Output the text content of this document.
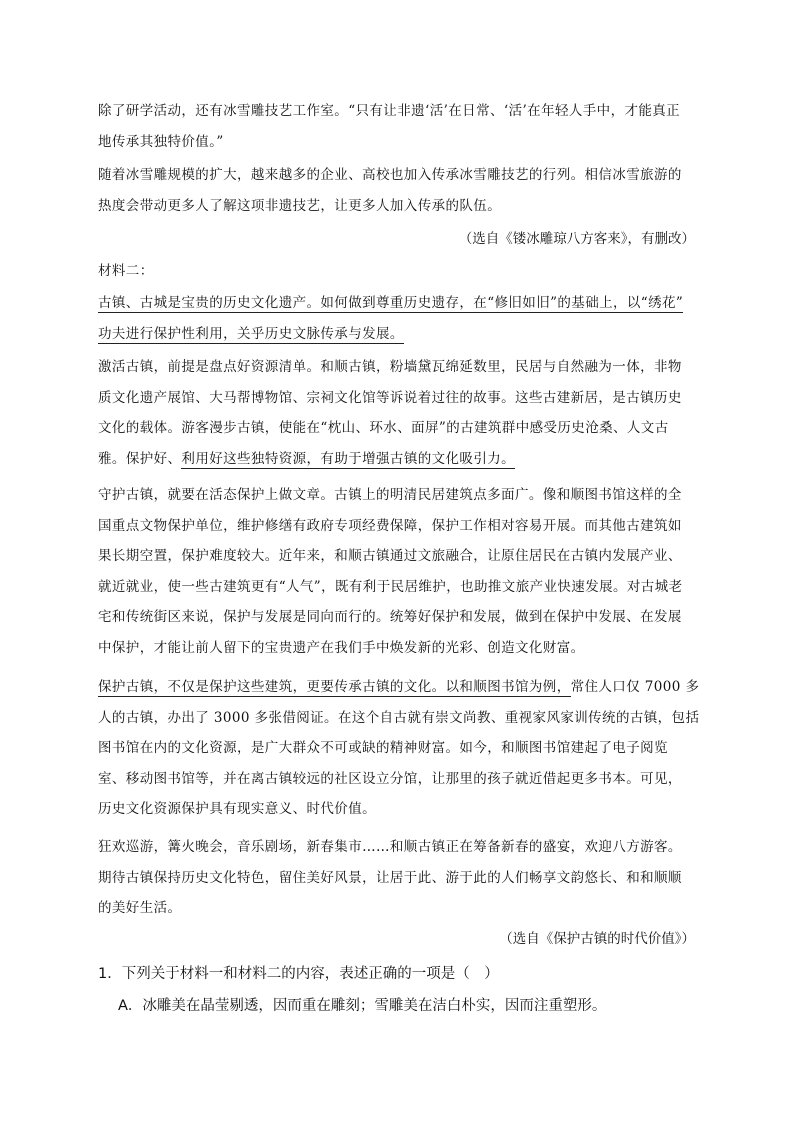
除了研学活动，还有冰雪雕技艺工作室。“只有让非遗‘活’在日常、‘活’在年轻人手中，才能真正
地传承其独特价值。”
随着冰雪雕规模的扩大，越来越多的企业、高校也加入传承冰雪雕技艺的行列。相信冰雪旅游的
热度会带动更多人了解这项非遗技艺，让更多人加入传承的队伍。

（选自《镂冰雕琼八方客来》，有删改）

材料二：
古镇、古城是宝贵的历史文化遗产。如何做到尊重历史遗存，在“修旧如旧”的基础上，以“绣花”
功夫进行保护性利用，关乎历史文脉传承与发展。
激活古镇，前提是盘点好资源清单。和顺古镇，粉墙黛瓦绵延数里，民居与自然融为一体，非物
质文化遗产展馆、大马帮博物馆、宗祠文化馆等诉说着过往的故事。这些古建新居，是古镇历史
文化的载体。游客漫步古镇，使能在“枕山、环水、面屏”的古建筑群中感受历史沧桑、人文古
雅。保护好、利用好这些独特资源，有助于增强古镇的文化吸引力。
守护古镇，就要在活态保护上做文章。古镇上的明清民居建筑点多面广。像和顺图书馆这样的全
国重点文物保护单位，维护修缮有政府专项经费保障，保护工作相对容易开展。而其他古建筑如
果长期空置，保护难度较大。近年来，和顺古镇通过文旅融合，让原住居民在古镇内发展产业、
就近就业，使一些古建筑更有“人气”，既有利于民居维护，也助推文旅产业快速发展。对古城老
宅和传统街区来说，保护与发展是同向而行的。统筹好保护和发展，做到在保护中发展、在发展
中保护，才能让前人留下的宝贵遗产在我们手中焕发新的光彩、创造文化财富。
保护古镇，不仅是保护这些建筑，更要传承古镇的文化。以和顺图书馆为例，常住人口仅 7000 多
人的古镇，办出了 3000 多张借阅证。在这个自古就有崇文尚教、重视家风家训传统的古镇，包括
图书馆在内的文化资源，是广大群众不可或缺的精神财富。如今，和顺图书馆建起了电子阅览
室、移动图书馆等，并在离古镇较远的社区设立分馆，让那里的孩子就近借起更多书本。可见，
历史文化资源保护具有现实意义、时代价值。
狂欢巡游，篝火晚会，音乐剧场，新春集市……和顺古镇正在筹备新春的盛宴，欢迎八方游客。
期待古镇保持历史文化特色，留住美好风景，让居于此、游于此的人们畅享文韵悠长、和和顺顺
的美好生活。

（选自《保护古镇的时代价值》）

1．下列关于材料一和材料二的内容，表述正确的一项是（　）

A．冰雕美在晶莹剔透，因而重在雕刻；雪雕美在洁白朴实，因而注重塑形。
